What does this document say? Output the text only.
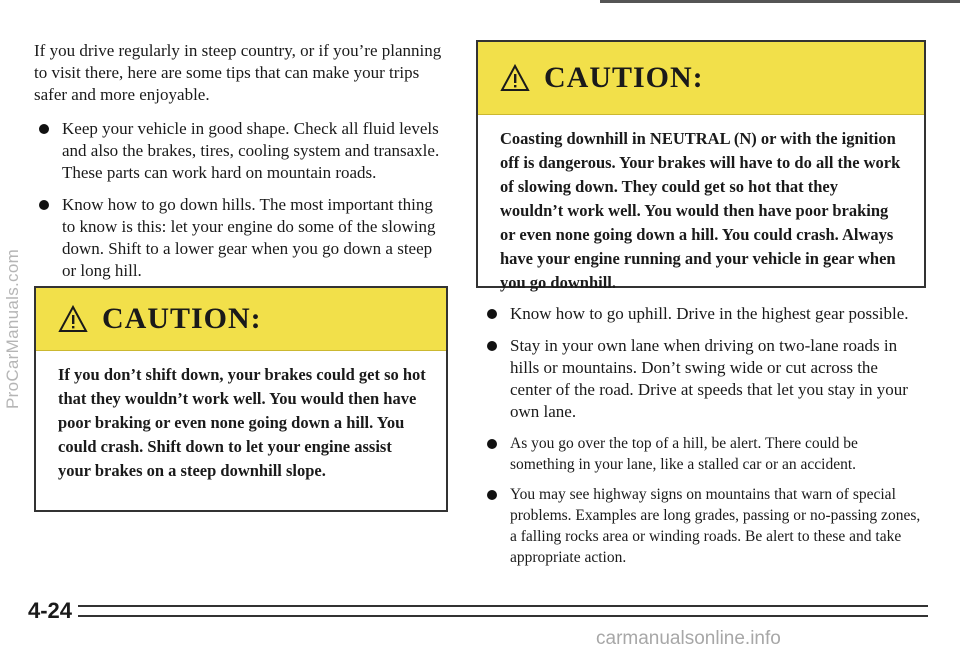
ProCarManuals.com

If you drive regularly in steep country, or if you’re planning to visit there, here are some tips that can make your trips safer and more enjoyable.

Keep your vehicle in good shape. Check all fluid levels and also the brakes, tires, cooling system and transaxle. These parts can work hard on mountain roads.
Know how to go down hills. The most important thing to know is this: let your engine do some of the slowing down. Shift to a lower gear when you go down a steep or long hill.
CAUTION:
If you don’t shift down, your brakes could get so hot that they wouldn’t work well. You would then have poor braking or even none going down a hill. You could crash. Shift down to let your engine assist your brakes on a steep downhill slope.
CAUTION:
Coasting downhill in NEUTRAL (N) or with the ignition off is dangerous. Your brakes will have to do all the work of slowing down. They could get so hot that they wouldn’t work well. You would then have poor braking or even none going down a hill. You could crash. Always have your engine running and your vehicle in gear when you go downhill.
Know how to go uphill. Drive in the highest gear possible.
Stay in your own lane when driving on two-lane roads in hills or mountains. Don’t swing wide or cut across the center of the road. Drive at speeds that let you stay in your own lane.
As you go over the top of a hill, be alert. There could be something in your lane, like a stalled car or an accident.
You may see highway signs on mountains that warn of special problems. Examples are long grades, passing or no-passing zones, a falling rocks area or winding roads. Be alert to these and take appropriate action.
4-24
carmanualsonline.info
